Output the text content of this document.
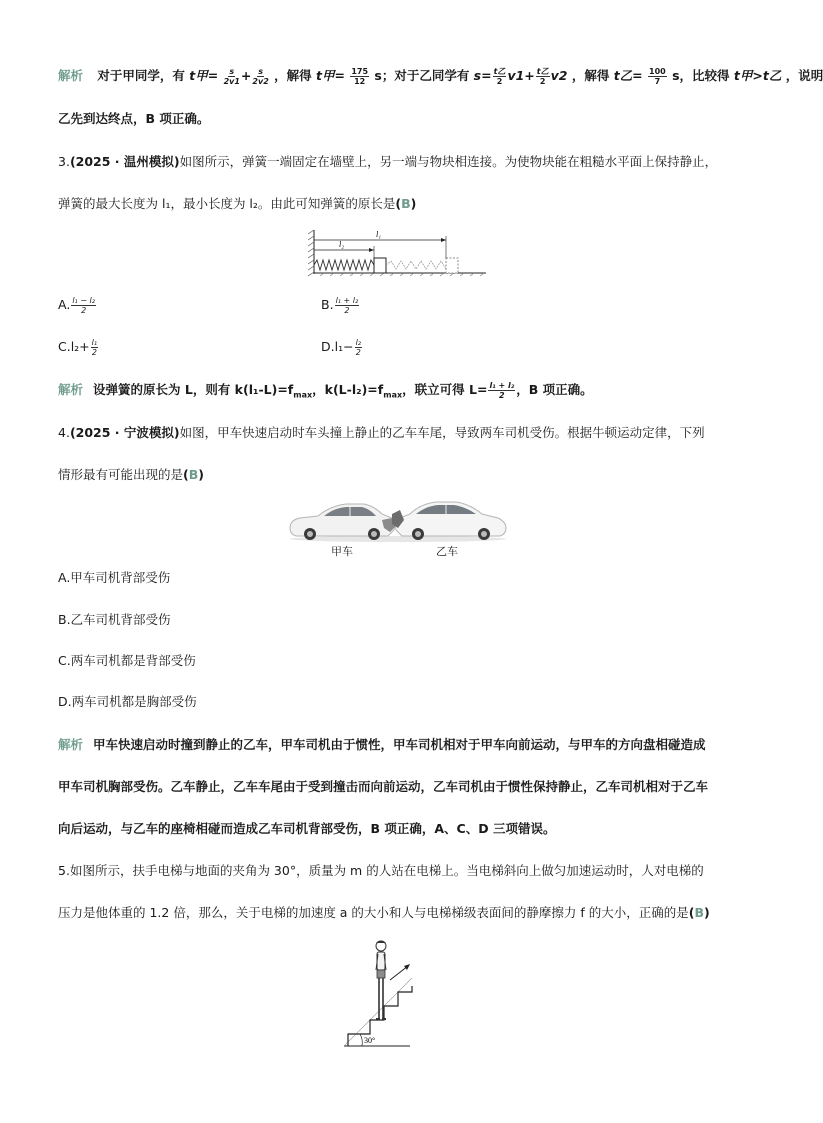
解析 对于甲同学，有 t甲= $\frac{s}{2v1} + \frac{s}{2v2}$ ，解得 t甲= $\frac{175}{12}$ s；对于乙同学有 $s= \frac{\text{t乙}}{2} v1+ \frac{\text{t乙}}{2} v2$ ，解得 t乙= $\frac{100}{7}$ s，比较得 t甲>t乙 ，说明
乙先到达终点，B 项正确。
3.(2025 · 温州模拟)如图所示，弹簧一端固定在墙壁上，另一端与物块相连接。为使物块能在粗糙水平面上保持静止，
弹簧的最大长度为 l₁，最小长度为 l₂。由此可知弹簧的原长是(B)
l₁
l₂
A. $\frac{\text{l₁ − l₂}}{2}$	B. $\frac{\text{l₁ + l₂}}{2}$
$C.l_2+ \frac{\text{l₁}}{2}$	$D.l_1- \frac{\text{l₂}}{2}$
解析 设弹簧的原长为 L，则有 $k(l_1-L)=f_{max}$，$k(L-l_2)=f_{max}$，联立可得 $L= \frac{\text{l₁ + l₂}}{2}$ ，B 项正确。
4.(2025 · 宁波模拟)如图，甲车快速启动时车头撞上静止的乙车车尾，导致两车司机受伤。根据牛顿运动定律，下列
情形最有可能出现的是(B)
甲车	乙车
A.甲车司机背部受伤
B.乙车司机背部受伤
C.两车司机都是背部受伤
D.两车司机都是胸部受伤
解析 甲车快速启动时撞到静止的乙车，甲车司机由于惯性，甲车司机相对于甲车向前运动，与甲车的方向盘相碰造成
甲车司机胸部受伤。乙车静止，乙车车尾由于受到撞击而向前运动，乙车司机由于惯性保持静止，乙车司机相对于乙车
向后运动，与乙车的座椅相碰而造成乙车司机背部受伤，B 项正确，A、C、D 三项错误。
5.如图所示，扶手电梯与地面的夹角为 30°，质量为 m 的人站在电梯上。当电梯斜向上做匀加速运动时，人对电梯的
压力是他体重的 1.2 倍，那么，关于电梯的加速度 a 的大小和人与电梯梯级表面间的静摩擦力 f 的大小，正确的是(B)
30°
